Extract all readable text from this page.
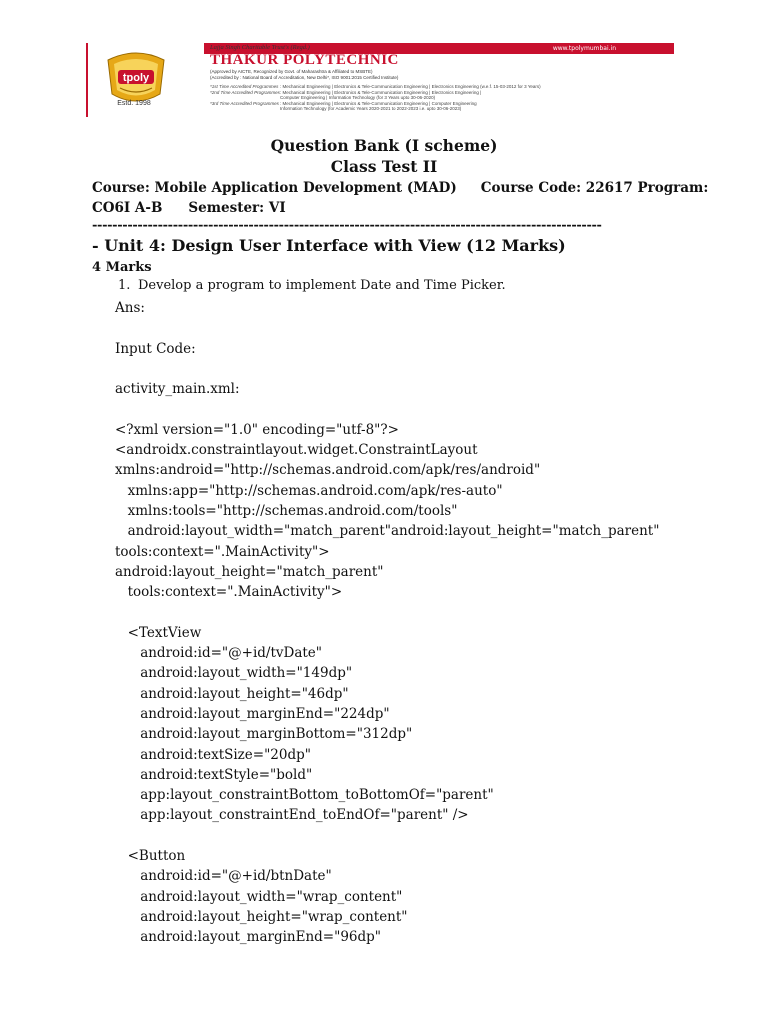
www.tpolymumbai.in
tpoly
Estd. 1998
Lajja Singh Charitable Trust's (Regd.)
THAKUR POLYTECHNIC
(Approved by AICTE, Recognized by Govt. of Maharashtra & Affiliated to MSBTE)
(Accredited by : National Board of Accreditation, New Delhi*, ISO 9001:2015 Certified Institute)
*1st Time Accredited Programmes : Mechanical Engineering | Electronics & Tele-Communication Engineering | Electronics Engineering (w.e.f. 15-03-2012 for 3 Years)
*2nd Time Accredited Programmes : Mechanical Engineering | Electronics & Tele-Communication Engineering | Electronics Engineering |
Computer Engineering | Information Technology (for 3 Years upto 30-06-2020)
*3rd Time Accredited Programmes : Mechanical Engineering | Electronics & Tele-Communication Engineering | Computer Engineering
Information Technology (for Academic Years 2020-2021 to 2022-2023 i.e. upto 30-06-2023)
Question Bank (I scheme)
Class Test II
Course: Mobile Application Development (MAD) Course Code: 22617 Program:
CO6I A-B Semester: VI
-----------------------------------------------------------------------------------------------------
- Unit 4: Design User Interface with View (12 Marks)
4 Marks
1. Develop a program to implement Date and Time Picker.
Ans:
Input Code:
activity_main.xml:
<?xml version="1.0" encoding="utf-8"?>
<androidx.constraintlayout.widget.ConstraintLayout
xmlns:android="http://schemas.android.com/apk/res/android"
xmlns:app="http://schemas.android.com/apk/res-auto"
xmlns:tools="http://schemas.android.com/tools"
android:layout_width="match_parent"android:layout_height="match_parent"
tools:context=".MainActivity">
android:layout_height="match_parent"
tools:context=".MainActivity">
<TextView
android:id="@+id/tvDate"
android:layout_width="149dp"
android:layout_height="46dp"
android:layout_marginEnd="224dp"
android:layout_marginBottom="312dp"
android:textSize="20dp"
android:textStyle="bold"
app:layout_constraintBottom_toBottomOf="parent"
app:layout_constraintEnd_toEndOf="parent" />
<Button
android:id="@+id/btnDate"
android:layout_width="wrap_content"
android:layout_height="wrap_content"
android:layout_marginEnd="96dp"
